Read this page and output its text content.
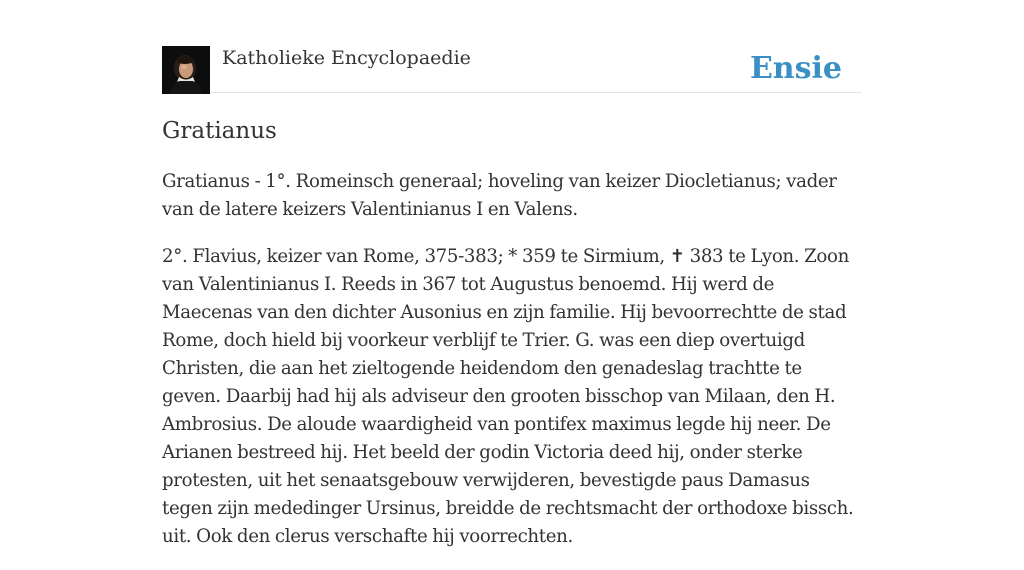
Katholieke Encyclopaedie	Ensie
Gratianus

Gratianus - 1°. Romeinsch generaal; hoveling van keizer Diocletianus; vader van de latere keizers Valentinianus I en Valens.

2°. Flavius, keizer van Rome, 375-383; * 359 te Sirmium, ✝ 383 te Lyon. Zoon van Valentinianus I. Reeds in 367 tot Augustus benoemd. Hij werd de Maecenas van den dichter Ausonius en zijn familie. Hij bevoorrechtte de stad Rome, doch hield bij voorkeur verblijf te Trier. G. was een diep overtuigd Christen, die aan het zieltogende heidendom den genadeslag trachtte te geven. Daarbij had hij als adviseur den grooten bisschop van Milaan, den H. Ambrosius. De aloude waardigheid van pontifex maximus legde hij neer. De Arianen bestreed hij. Het beeld der godin Victoria deed hij, onder sterke protesten, uit het senaatsgebouw verwijderen, bevestigde paus Damasus tegen zijn mededinger Ursinus, breidde de rechtsmacht der orthodoxe bissch. uit. Ook den clerus verschafte hij voorrechten.
